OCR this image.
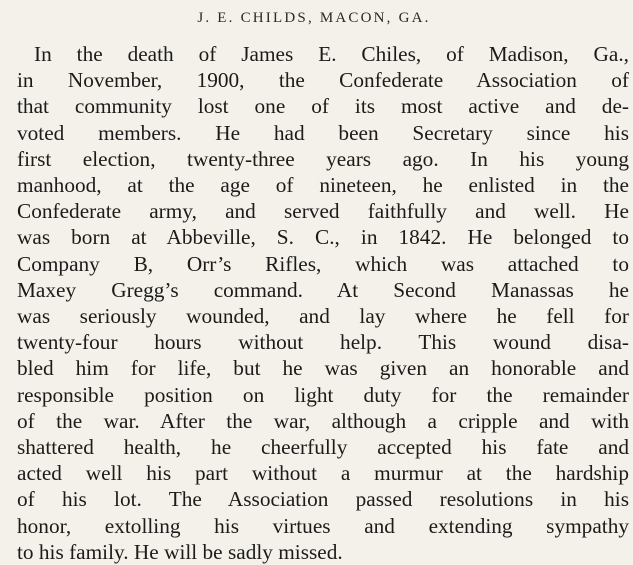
J. E. CHILDS, MACON, GA.
In the death of James E. Chiles, of Madison, Ga.,
in November, 1900, the Confederate Association of
that community lost one of its most active and de-
voted members. He had been Secretary since his
first election, twenty-three years ago. In his young
manhood, at the age of nineteen, he enlisted in the
Confederate army, and served faithfully and well. He
was born at Abbeville, S. C., in 1842. He belonged to
Company B, Orr’s Rifles, which was attached to
Maxey Gregg’s command. At Second Manassas he
was seriously wounded, and lay where he fell for
twenty-four hours without help. This wound disa-
bled him for life, but he was given an honorable and
responsible position on light duty for the remainder
of the war. After the war, although a cripple and with
shattered health, he cheerfully accepted his fate and
acted well his part without a murmur at the hardship
of his lot. The Association passed resolutions in his
honor, extolling his virtues and extending sympathy
to his family. He will be sadly missed.
